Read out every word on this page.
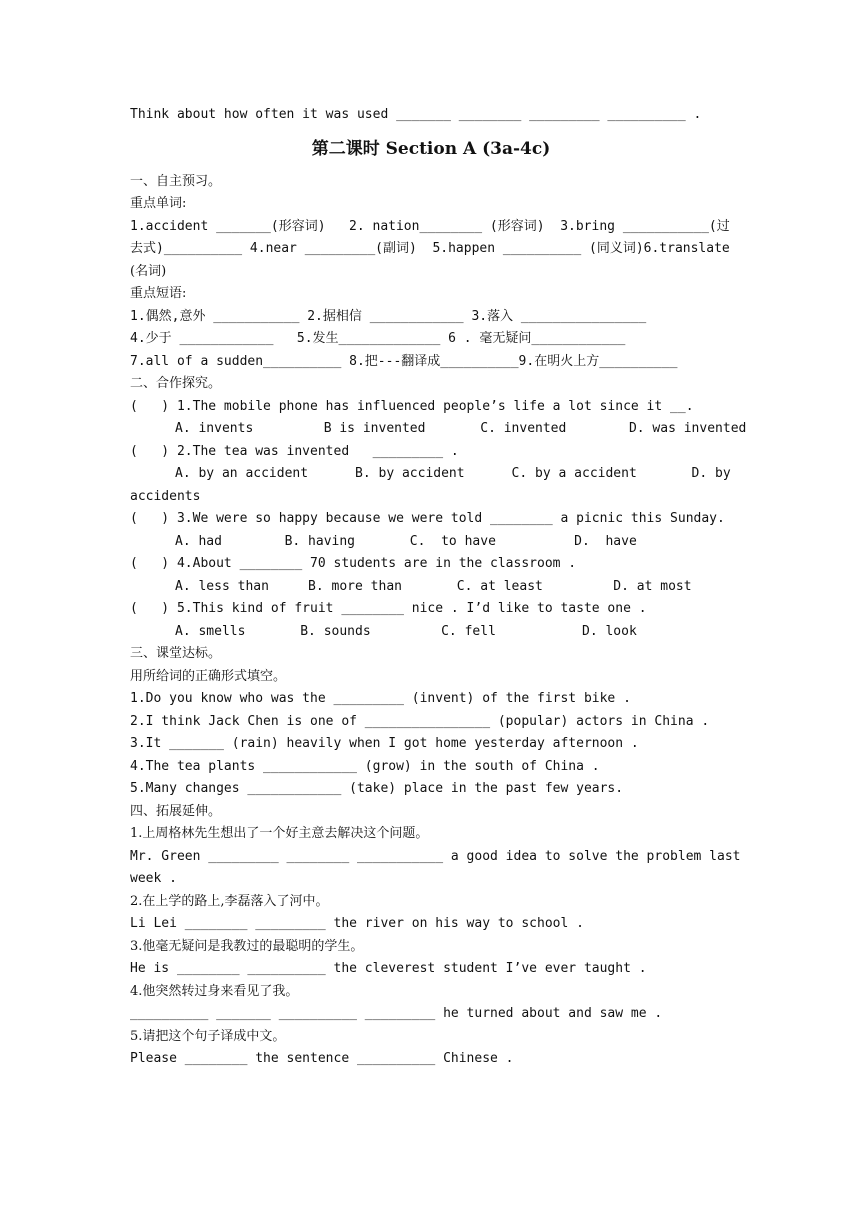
Think about how often it was used _______ ________ _________ __________ .
第二课时 Section A (3a-4c)
一、自主预习。
重点单词:
1.accident _______(形容词)   2. nation________ (形容词)  3.bring ___________(过
去式)__________ 4.near _________(副词)  5.happen __________ (同义词)6.translate
(名词)
重点短语:
1.偶然,意外 ___________ 2.据相信 ____________ 3.落入 ________________
4.少于 ____________   5.发生_____________ 6 . 毫无疑问____________
7.all of a sudden__________ 8.把---翻译成__________9.在明火上方__________
二、合作探究。
(   ) 1.The mobile phone has influenced people’s life a lot since it __.
A. invents         B is invented       C. invented        D. was invented
(   ) 2.The tea was invented   _________ .
A. by an accident      B. by accident      C. by a accident       D. by
accidents
(   ) 3.We were so happy because we were told ________ a picnic this Sunday.
A. had        B. having       C.  to have          D.  have
(   ) 4.About ________ 70 students are in the classroom .
A. less than     B. more than       C. at least         D. at most
(   ) 5.This kind of fruit ________ nice . I’d like to taste one .
A. smells       B. sounds         C. fell           D. look
三、课堂达标。
用所给词的正确形式填空。
1.Do you know who was the _________ (invent) of the first bike .
2.I think Jack Chen is one of ________________ (popular) actors in China .
3.It _______ (rain) heavily when I got home yesterday afternoon .
4.The tea plants ____________ (grow) in the south of China .
5.Many changes ____________ (take) place in the past few years.
四、拓展延伸。
1.上周格林先生想出了一个好主意去解决这个问题。
Mr. Green _________ ________ ___________ a good idea to solve the problem last
week .
2.在上学的路上,李磊落入了河中。
Li Lei ________ _________ the river on his way to school .
3.他毫无疑问是我教过的最聪明的学生。
He is ________ __________ the cleverest student I’ve ever taught .
4.他突然转过身来看见了我。
__________ _______ __________ _________ he turned about and saw me .
5.请把这个句子译成中文。
Please ________ the sentence __________ Chinese .
